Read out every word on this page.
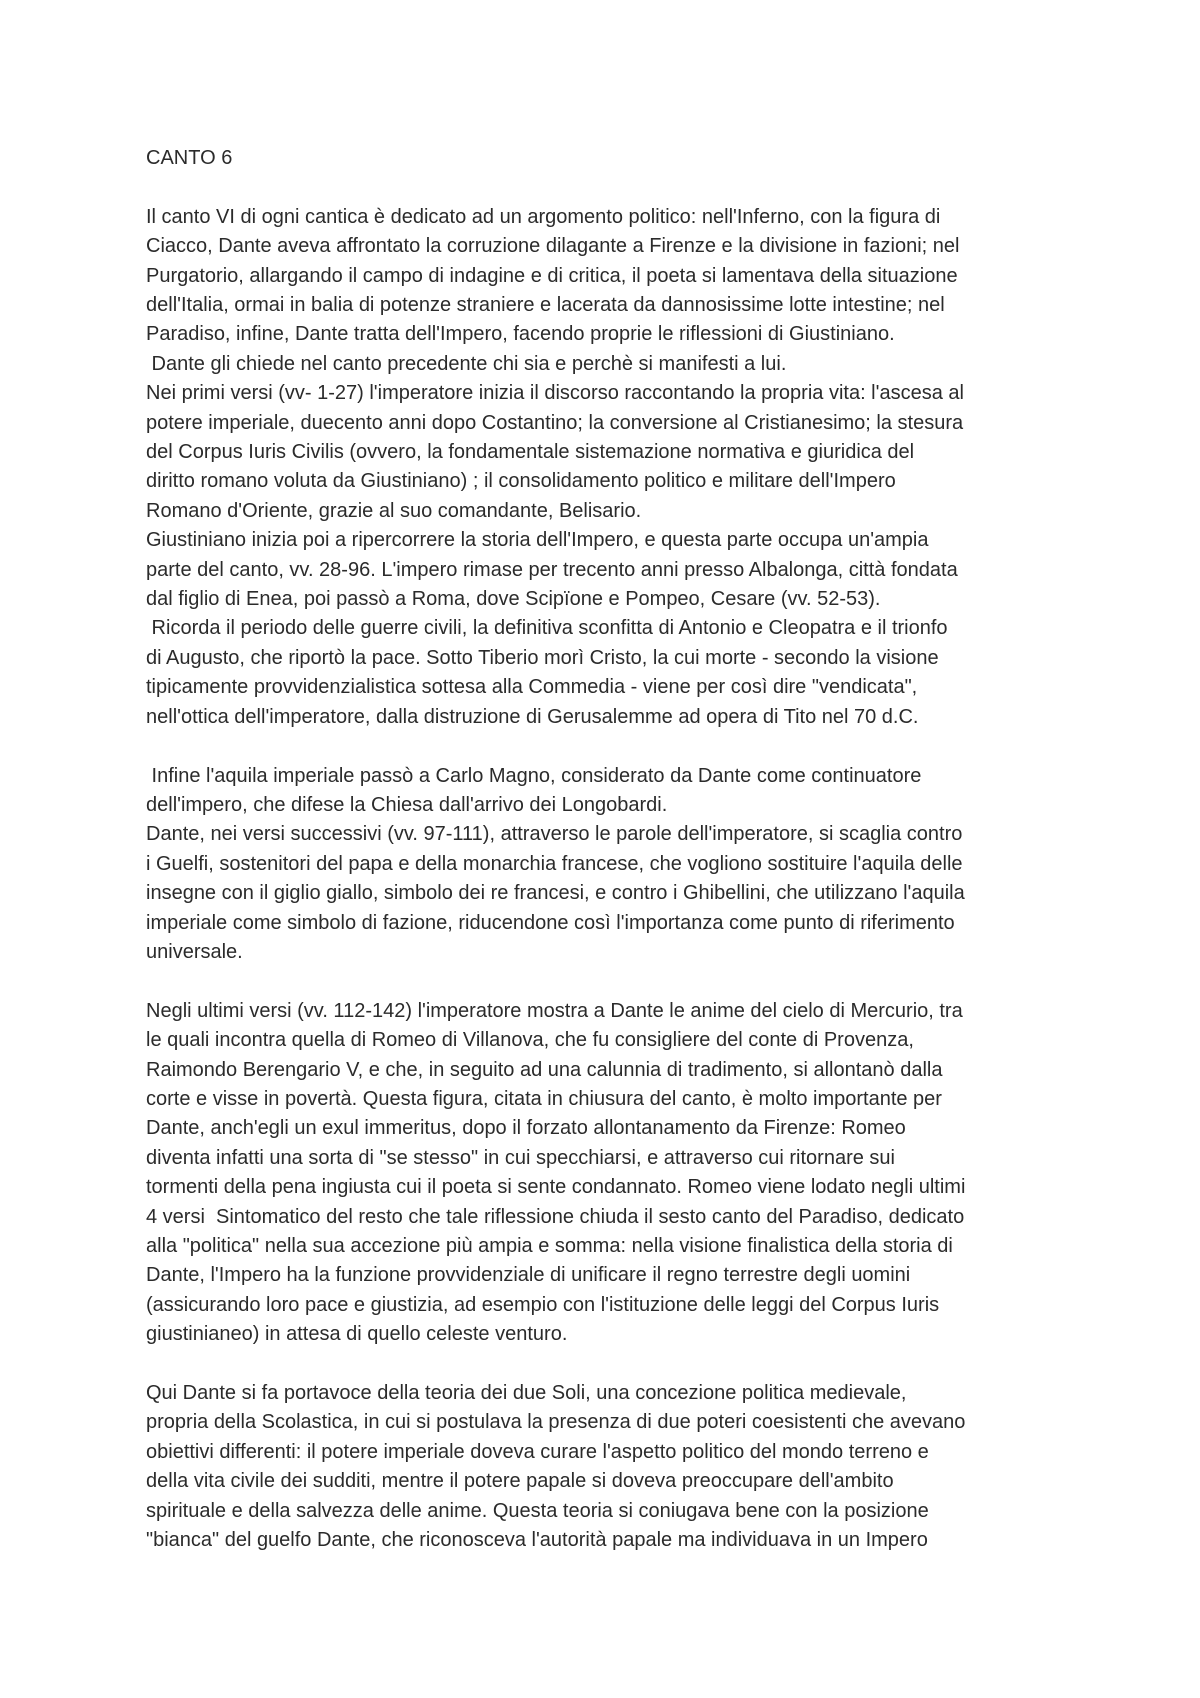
CANTO 6
Il canto VI di ogni cantica è dedicato ad un argomento politico: nell'Inferno, con la figura di
Ciacco, Dante aveva affrontato la corruzione dilagante a Firenze e la divisione in fazioni; nel
Purgatorio, allargando il campo di indagine e di critica, il poeta si lamentava della situazione
dell'Italia, ormai in balia di potenze straniere e lacerata da dannosissime lotte intestine; nel
Paradiso, infine, Dante tratta dell'Impero, facendo proprie le riflessioni di Giustiniano.
Dante gli chiede nel canto precedente chi sia e perchè si manifesti a lui.
Nei primi versi (vv- 1-27) l'imperatore inizia il discorso raccontando la propria vita: l'ascesa al
potere imperiale, duecento anni dopo Costantino; la conversione al Cristianesimo; la stesura
del Corpus Iuris Civilis (ovvero, la fondamentale sistemazione normativa e giuridica del
diritto romano voluta da Giustiniano) ; il consolidamento politico e militare dell'Impero
Romano d'Oriente, grazie al suo comandante, Belisario.
Giustiniano inizia poi a ripercorrere la storia dell'Impero, e questa parte occupa un'ampia
parte del canto, vv. 28-96. L'impero rimase per trecento anni presso Albalonga, città fondata
dal figlio di Enea, poi passò a Roma, dove Scipïone e Pompeo, Cesare (vv. 52-53).
Ricorda il periodo delle guerre civili, la definitiva sconfitta di Antonio e Cleopatra e il trionfo
di Augusto, che riportò la pace. Sotto Tiberio morì Cristo, la cui morte - secondo la visione
tipicamente provvidenzialistica sottesa alla Commedia - viene per così dire "vendicata",
nell'ottica dell'imperatore, dalla distruzione di Gerusalemme ad opera di Tito nel 70 d.C.
Infine l'aquila imperiale passò a Carlo Magno, considerato da Dante come continuatore
dell'impero, che difese la Chiesa dall'arrivo dei Longobardi.
Dante, nei versi successivi (vv. 97-111), attraverso le parole dell'imperatore, si scaglia contro
i Guelfi, sostenitori del papa e della monarchia francese, che vogliono sostituire l'aquila delle
insegne con il giglio giallo, simbolo dei re francesi, e contro i Ghibellini, che utilizzano l'aquila
imperiale come simbolo di fazione, riducendone così l'importanza come punto di riferimento
universale.
Negli ultimi versi (vv. 112-142) l'imperatore mostra a Dante le anime del cielo di Mercurio, tra
le quali incontra quella di Romeo di Villanova, che fu consigliere del conte di Provenza,
Raimondo Berengario V, e che, in seguito ad una calunnia di tradimento, si allontanò dalla
corte e visse in povertà. Questa figura, citata in chiusura del canto, è molto importante per
Dante, anch'egli un exul immeritus, dopo il forzato allontanamento da Firenze: Romeo
diventa infatti una sorta di "se stesso" in cui specchiarsi, e attraverso cui ritornare sui
tormenti della pena ingiusta cui il poeta si sente condannato. Romeo viene lodato negli ultimi
4 versi  Sintomatico del resto che tale riflessione chiuda il sesto canto del Paradiso, dedicato
alla "politica" nella sua accezione più ampia e somma: nella visione finalistica della storia di
Dante, l'Impero ha la funzione provvidenziale di unificare il regno terrestre degli uomini
(assicurando loro pace e giustizia, ad esempio con l'istituzione delle leggi del Corpus Iuris
giustinianeo) in attesa di quello celeste venturo.
Qui Dante si fa portavoce della teoria dei due Soli, una concezione politica medievale,
propria della Scolastica, in cui si postulava la presenza di due poteri coesistenti che avevano
obiettivi differenti: il potere imperiale doveva curare l'aspetto politico del mondo terreno e
della vita civile dei sudditi, mentre il potere papale si doveva preoccupare dell'ambito
spirituale e della salvezza delle anime. Questa teoria si coniugava bene con la posizione
"bianca" del guelfo Dante, che riconosceva l'autorità papale ma individuava in un Impero
